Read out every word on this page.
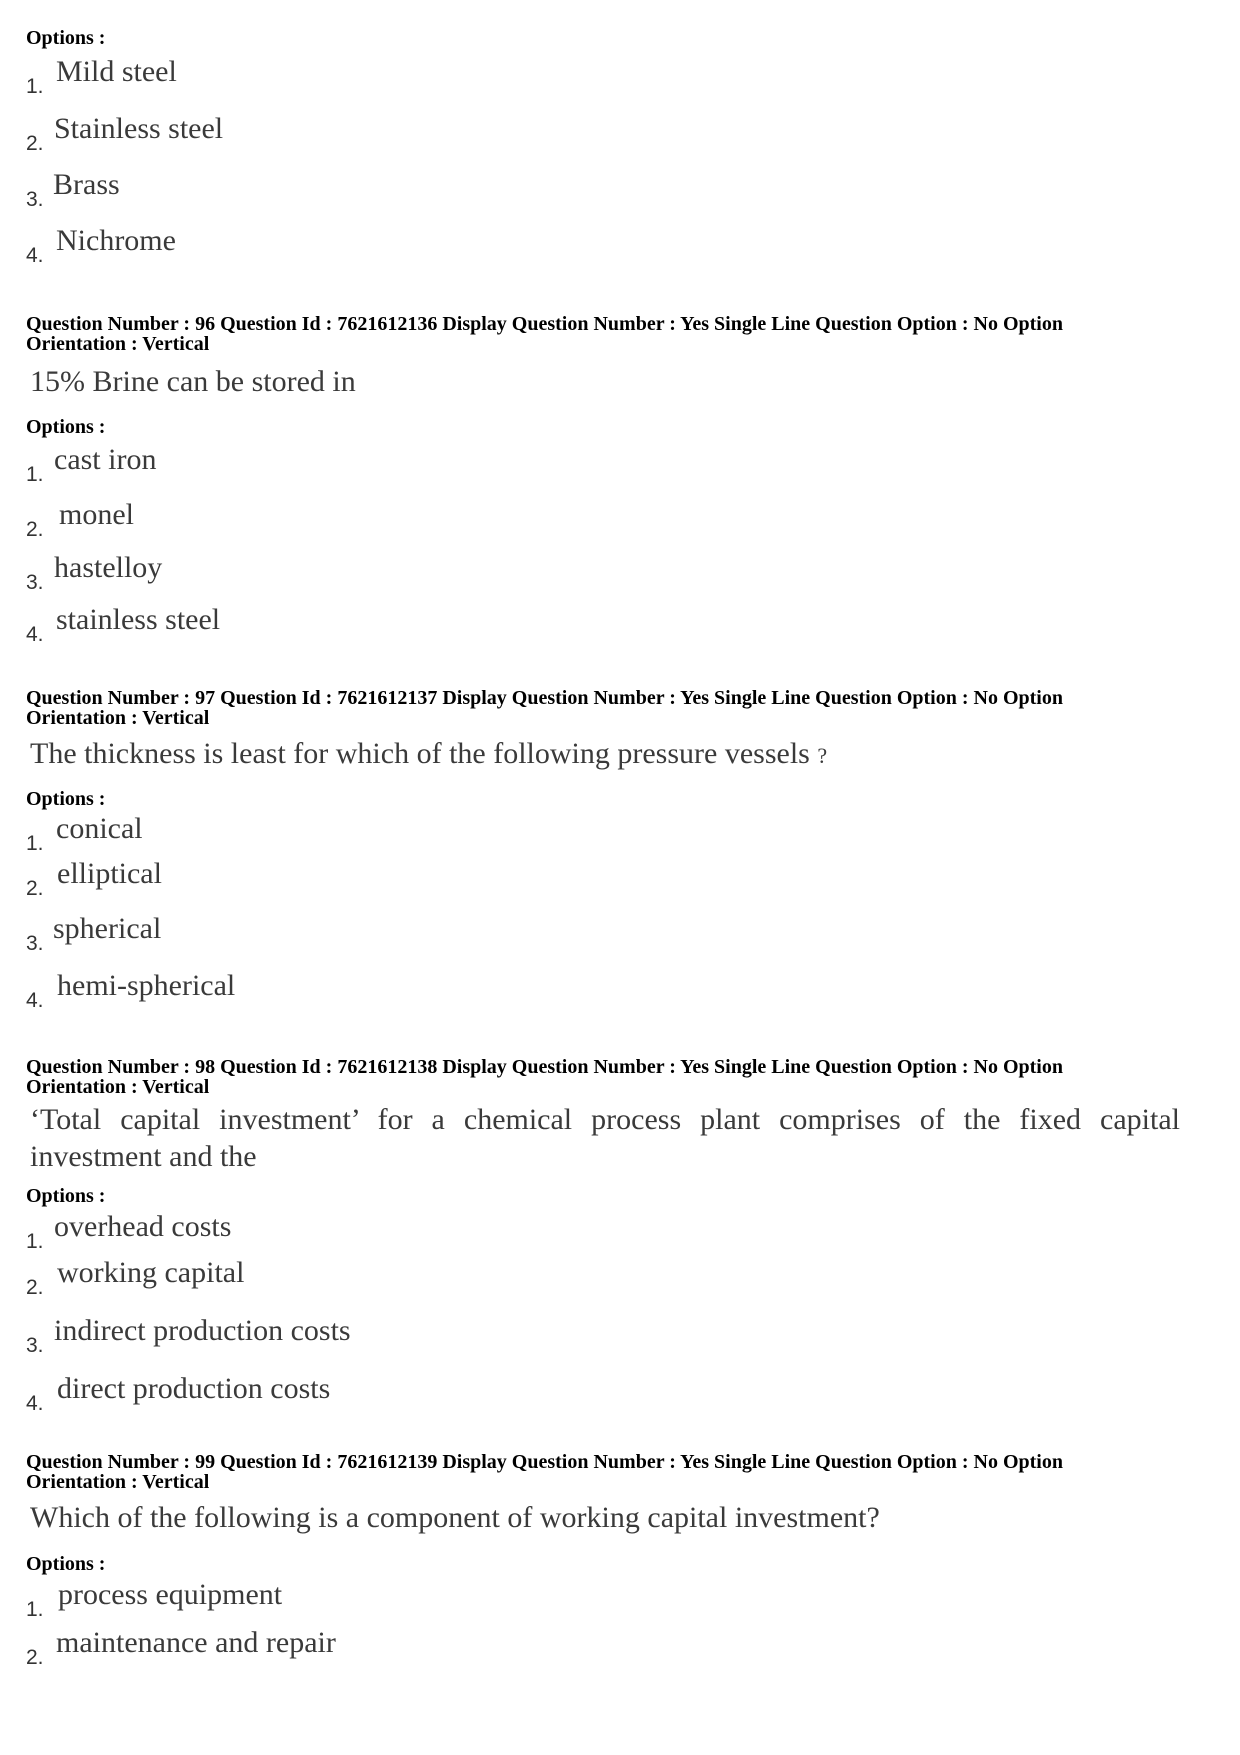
Options :
1. Mild steel
2. Stainless steel
3. Brass
4. Nichrome
Question Number : 96 Question Id : 7621612136 Display Question Number : Yes Single Line Question Option : No Option
Orientation : Vertical
15% Brine can be stored in
Options :
1. cast iron
2. monel
3. hastelloy
4. stainless steel
Question Number : 97 Question Id : 7621612137 Display Question Number : Yes Single Line Question Option : No Option
Orientation : Vertical
The thickness is least for which of the following pressure vessels ?
Options :
1. conical
2. elliptical
3. spherical
4. hemi-spherical
Question Number : 98 Question Id : 7621612138 Display Question Number : Yes Single Line Question Option : No Option
Orientation : Vertical
‘Total capital investment’ for a chemical process plant comprises of the fixed capital investment and the
Options :
1. overhead costs
2. working capital
3. indirect production costs
4. direct production costs
Question Number : 99 Question Id : 7621612139 Display Question Number : Yes Single Line Question Option : No Option
Orientation : Vertical
Which of the following is a component of working capital investment?
Options :
1. process equipment
2. maintenance and repair
